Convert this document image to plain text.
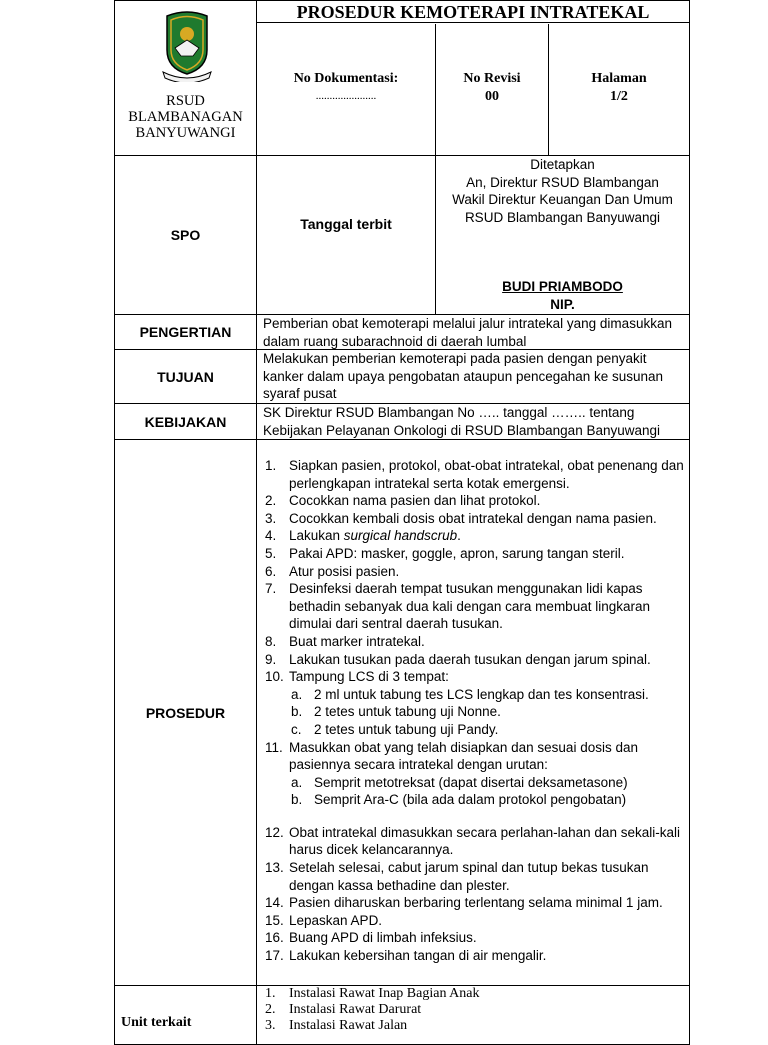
RSUD
BLAMBANAGAN
BANYUWANGI
PROSEDUR KEMOTERAPI INTRATEKAL
No Dokumentasi:
......................
No Revisi
00
Halaman
1/2
SPO
Tanggal terbit
Ditetapkan
An, Direktur RSUD Blambangan
Wakil Direktur Keuangan Dan Umum
RSUD Blambangan Banyuwangi
BUDI PRIAMBODO
NIP.
PENGERTIAN
Pemberian obat kemoterapi melalui jalur intratekal yang dimasukkan dalam ruang subarachnoid di daerah lumbal
TUJUAN
Melakukan pemberian kemoterapi pada pasien dengan penyakit kanker dalam upaya pengobatan ataupun pencegahan ke susunan syaraf pusat
KEBIJAKAN
SK Direktur RSUD Blambangan No ….. tanggal …….. tentang Kebijakan Pelayanan Onkologi di RSUD Blambangan Banyuwangi
PROSEDUR
1. Siapkan pasien, protokol, obat-obat intratekal, obat penenang dan perlengkapan intratekal serta kotak emergensi.
2. Cocokkan nama pasien dan lihat protokol.
3. Cocokkan kembali dosis obat intratekal dengan nama pasien.
4. Lakukan surgical handscrub.
5. Pakai APD: masker, goggle, apron, sarung tangan steril.
6. Atur posisi pasien.
7. Desinfeksi daerah tempat tusukan menggunakan lidi kapas bethadin sebanyak dua kali dengan cara membuat lingkaran dimulai dari sentral daerah tusukan.
8. Buat marker intratekal.
9. Lakukan tusukan pada daerah tusukan dengan jarum spinal.
10. Tampung LCS di 3 tempat:
a. 2 ml untuk tabung tes LCS lengkap dan tes konsentrasi.
b. 2 tetes untuk tabung uji Nonne.
c. 2 tetes untuk tabung uji Pandy.
11. Masukkan obat yang telah disiapkan dan sesuai dosis dan pasiennya secara intratekal dengan urutan:
a. Semprit metotreksat (dapat disertai deksametasone)
b. Semprit Ara-C (bila ada dalam protokol pengobatan)
12. Obat intratekal dimasukkan secara perlahan-lahan dan sekali-kali harus dicek kelancarannya.
13. Setelah selesai, cabut jarum spinal dan tutup bekas tusukan dengan kassa bethadine dan plester.
14. Pasien diharuskan berbaring terlentang selama minimal 1 jam.
15. Lepaskan APD.
16. Buang APD di limbah infeksius.
17. Lakukan kebersihan tangan di air mengalir.
Unit terkait
1. Instalasi Rawat Inap Bagian Anak
2. Instalasi Rawat Darurat
3. Instalasi Rawat Jalan
